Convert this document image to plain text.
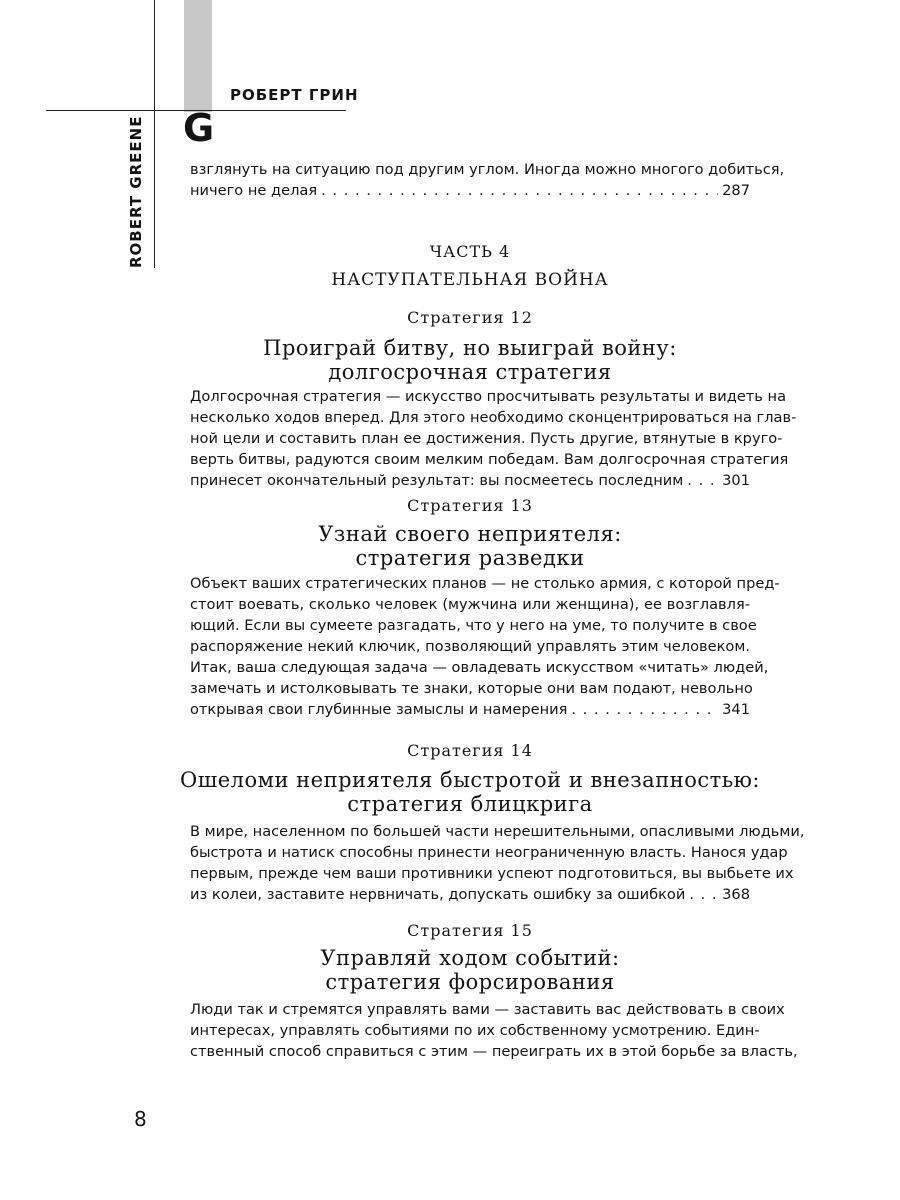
РОБЕРТ ГРИН
G
ROBERT GREENE	взглянуть на ситуацию под другим углом. Иногда можно многого добиться,
ничего не делая . . .	287
ЧАСТЬ 4
НАСТУПАТЕЛЬНАЯ ВОЙНА
Стратегия 12
Проиграй битву, но выиграй войну:
долгосрочная стратегия
Долгосрочная стратегия — искусство просчитывать результаты и видеть на
несколько ходов вперед. Для этого необходимо сконцентрироваться на глав-
ной цели и составить план ее достижения. Пусть другие, втянутые в круго-
верть битвы, радуются своим мелким победам. Вам долгосрочная стратегия
принесет окончательный результат: вы посмеетесь последним . . .	301
Стратегия 13
Узнай своего неприятеля:
стратегия разведки
Объект ваших стратегических планов — не столько армия, с которой пред-
стоит воевать, сколько человек (мужчина или женщина), ее возглавля-
ющий. Если вы сумеете разгадать, что у него на уме, то получите в свое
распоряжение некий ключик, позволяющий управлять этим человеком.
Итак, ваша следующая задача — овладевать искусством «читать» людей,
замечать и истолковывать те знаки, которые они вам подают, невольно
открывая свои глубинные замыслы и намерения . . .	341
Стратегия 14
Ошеломи неприятеля быстротой и внезапностью:
стратегия блицкрига
В мире, населенном по большей части нерешительными, опасливыми людьми,
быстрота и натиск способны принести неограниченную власть. Нанося удар
первым, прежде чем ваши противники успеют подготовиться, вы выбьете их
из колеи, заставите нервничать, допускать ошибку за ошибкой . . .	368
Стратегия 15
Управляй ходом событий:
стратегия форсирования
Люди так и стремятся управлять вами — заставить вас действовать в своих
интересах, управлять событиями по их собственному усмотрению. Един-
ственный способ справиться с этим — переиграть их в этой борьбе за власть,
8
